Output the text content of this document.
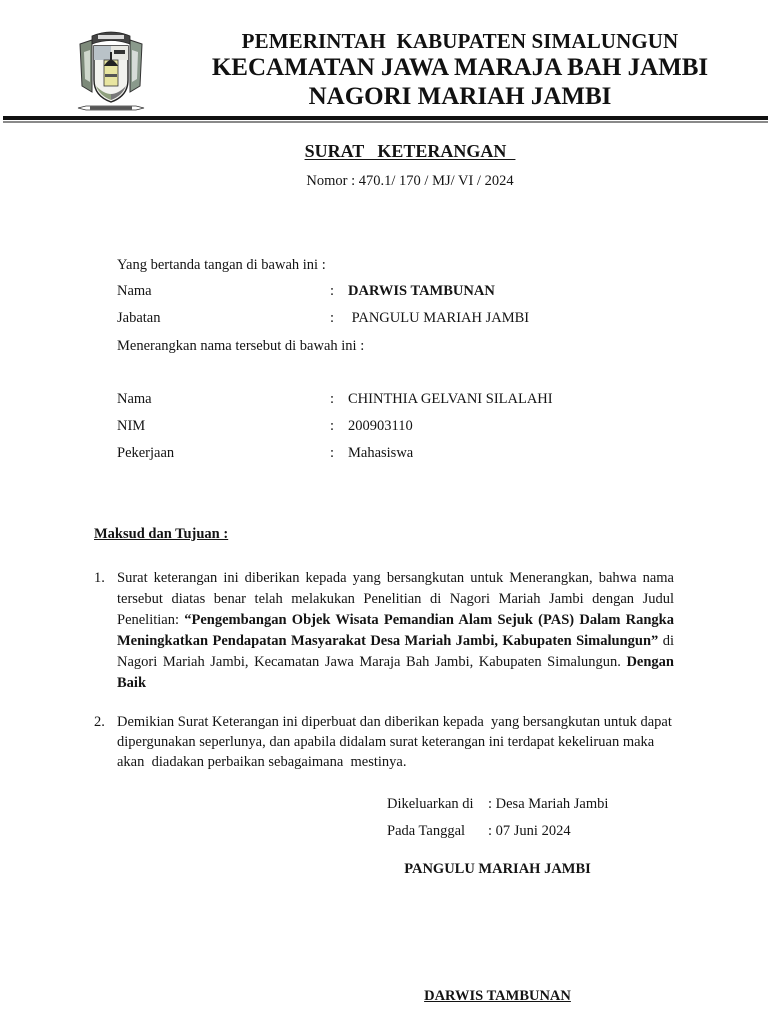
PEMERINTAH  KABUPATEN SIMALUNGUN
KECAMATAN JAWA MARAJA BAH JAMBI
NAGORI MARIAH JAMBI
SURAT   KETERANGAN
Nomor : 470.1/ 170 / MJ/ VI / 2024
Yang bertanda tangan di bawah ini :
Nama	: DARWIS TAMBUNAN
Jabatan	: PANGULU MARIAH JAMBI
Menerangkan nama tersebut di bawah ini :
Nama	: CHINTHIA GELVANI SILALAHI
NIM	: 200903110
Pekerjaan	: Mahasiswa
Maksud dan Tujuan :
1. Surat keterangan ini diberikan kepada yang bersangkutan untuk Menerangkan, bahwa nama tersebut diatas benar telah melakukan Penelitian di Nagori Mariah Jambi dengan Judul Penelitian: “Pengembangan Objek Wisata Pemandian Alam Sejuk (PAS) Dalam Rangka Meningkatkan Pendapatan Masyarakat Desa Mariah Jambi, Kabupaten Simalungun” di Nagori Mariah Jambi, Kecamatan Jawa Maraja Bah Jambi, Kabupaten Simalungun. Dengan Baik
2. Demikian Surat Keterangan ini diperbuat dan diberikan kepada  yang bersangkutan untuk dapat dipergunakan seperlunya, dan apabila didalam surat keterangan ini terdapat kekeliruan maka akan  diadakan perbaikan sebagaimana  mestinya.
Dikeluarkan di : Desa Mariah Jambi
Pada Tanggal : 07 Juni 2024
PANGULU MARIAH JAMBI
DARWIS TAMBUNAN
